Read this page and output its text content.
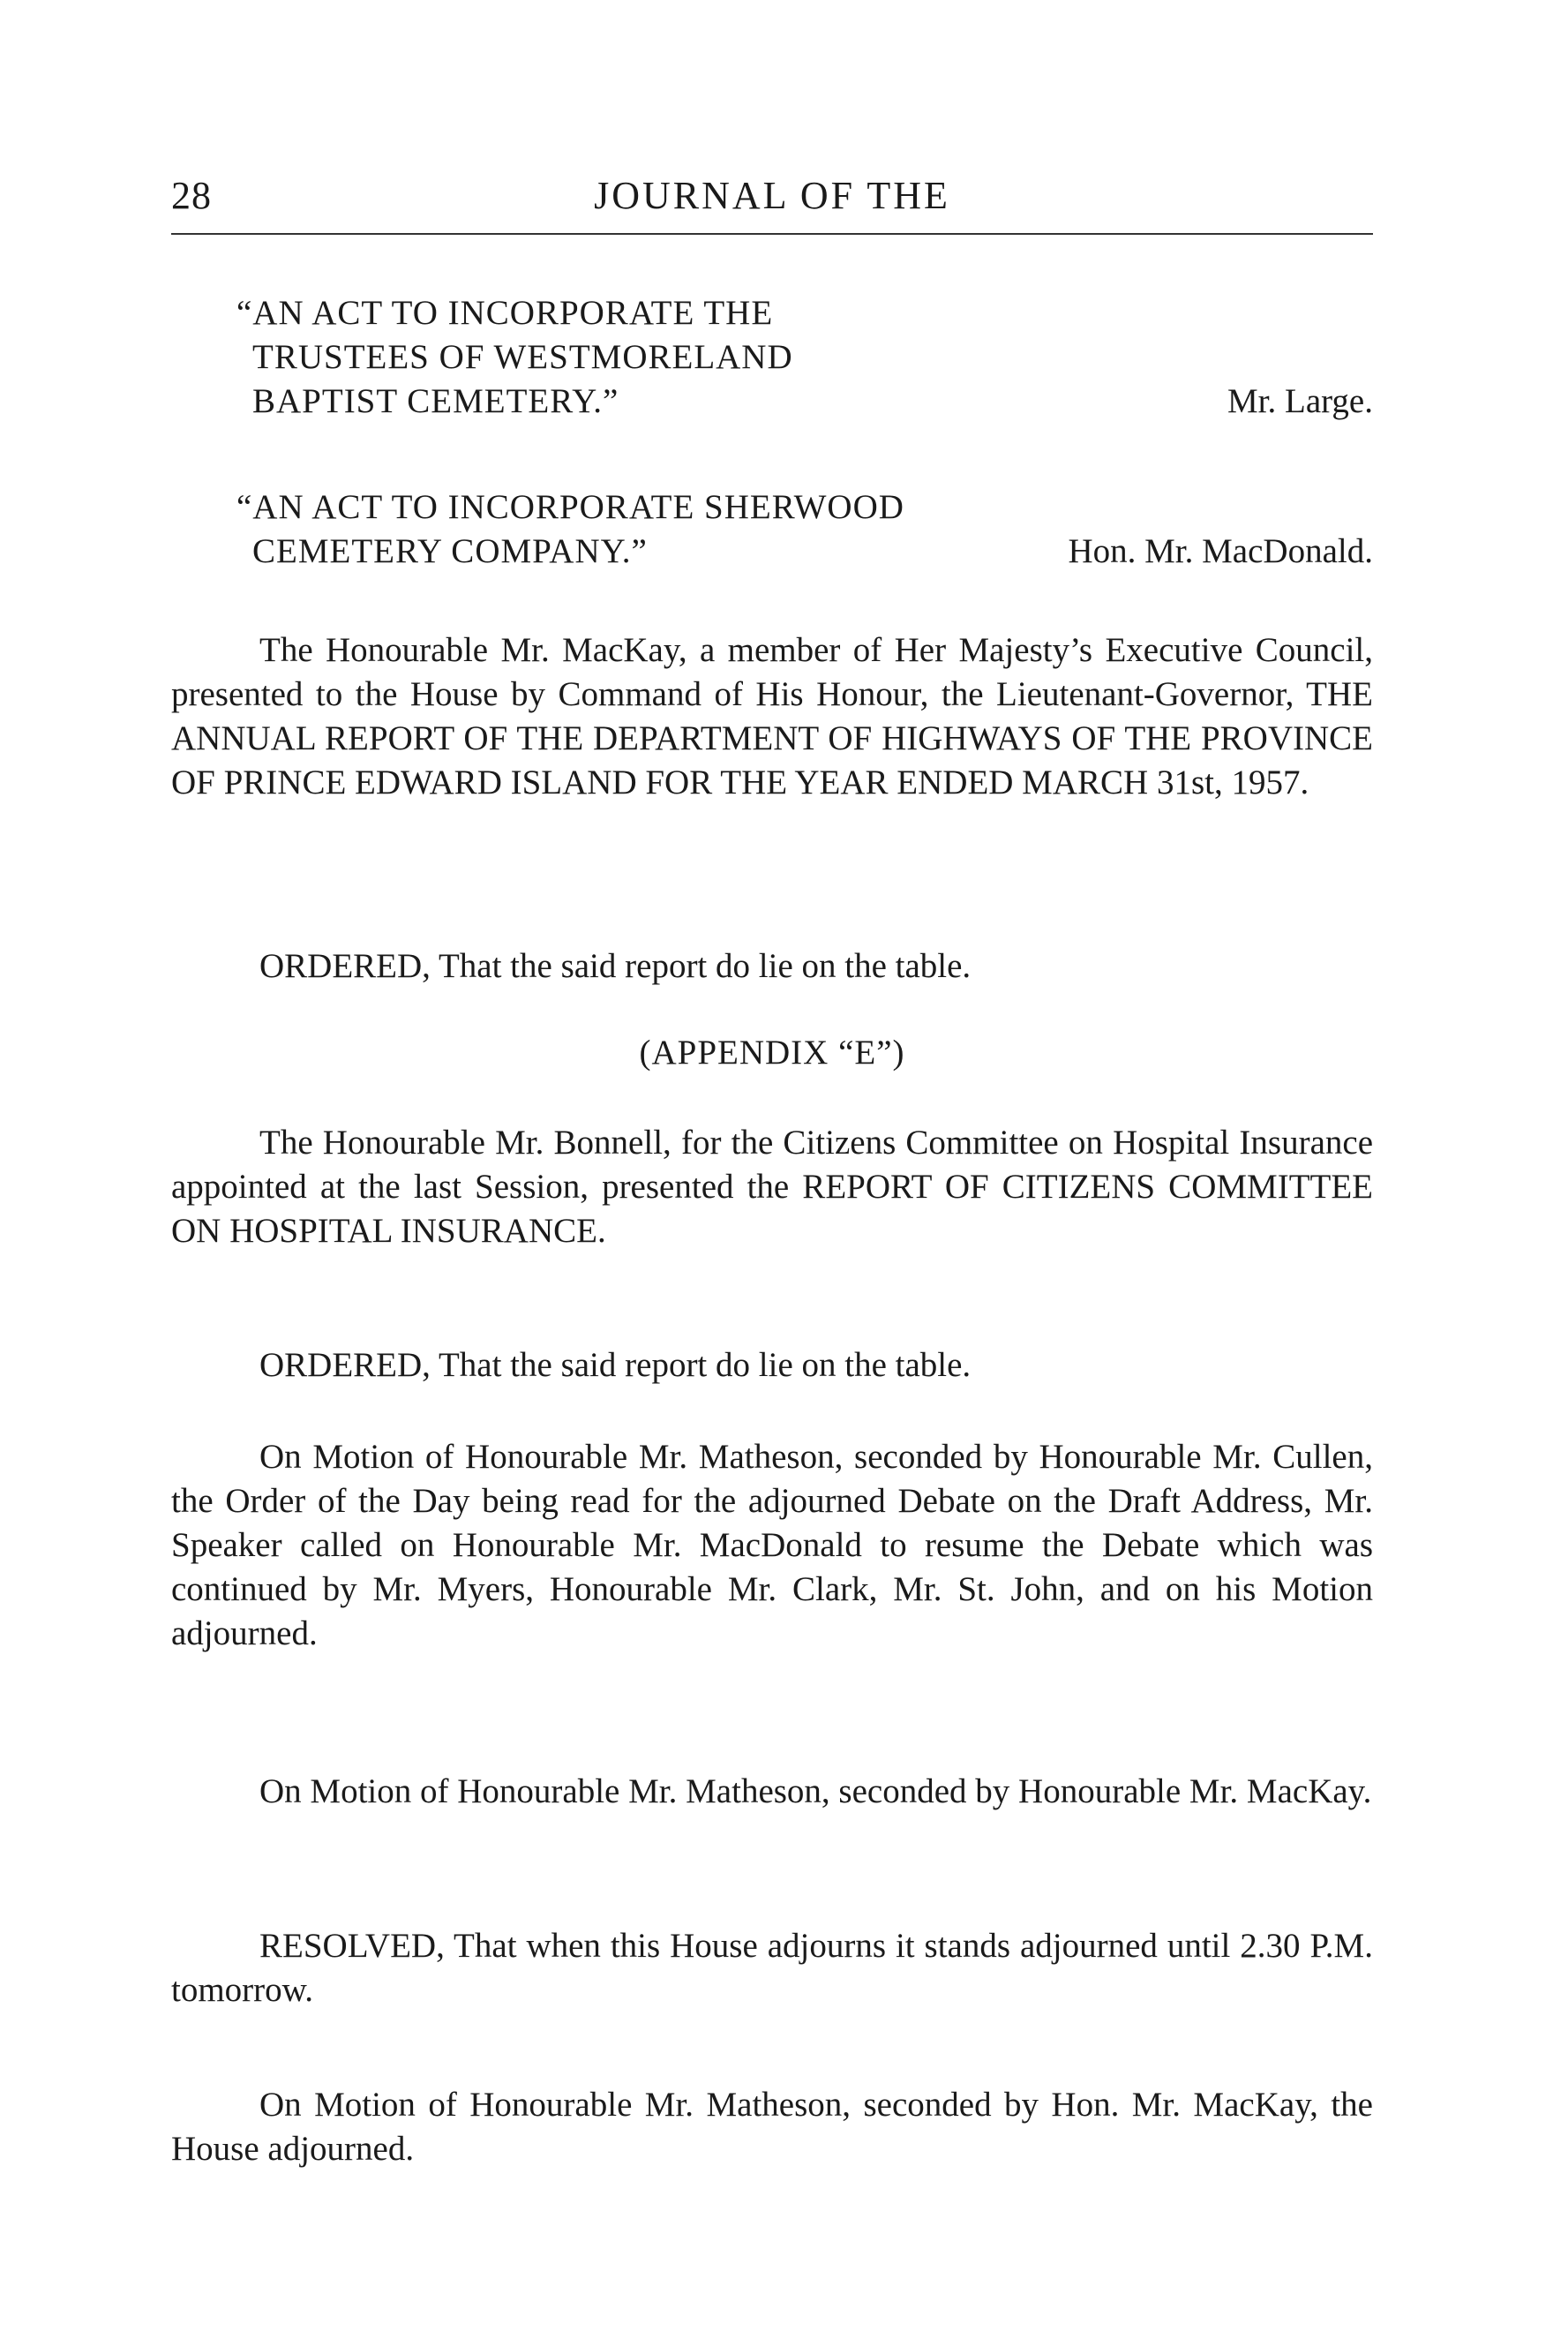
28	JOURNAL OF THE
“AN ACT TO INCORPORATE THE
TRUSTEES OF WESTMORELAND
BAPTIST CEMETERY.”	Mr. Large.
“AN ACT TO INCORPORATE SHERWOOD
CEMETERY COMPANY.”	Hon. Mr. MacDonald.

The Honourable Mr. MacKay, a member of Her Majesty’s Executive Council, presented to the House by Command of His Honour, the Lieutenant-Governor, THE ANNUAL REPORT OF THE DEPARTMENT OF HIGHWAYS OF THE PROVINCE OF PRINCE EDWARD ISLAND FOR THE YEAR ENDED MARCH 31st, 1957.

ORDERED, That the said report do lie on the table.

(APPENDIX “E”)

The Honourable Mr. Bonnell, for the Citizens Committee on Hospital Insurance appointed at the last Session, presented the REPORT OF CITIZENS COMMITTEE ON HOSPITAL INSURANCE.

ORDERED, That the said report do lie on the table.

On Motion of Honourable Mr. Matheson, seconded by Honourable Mr. Cullen, the Order of the Day being read for the adjourned Debate on the Draft Address, Mr. Speaker called on Honourable Mr. MacDonald to resume the Debate which was continued by Mr. Myers, Honourable Mr. Clark, Mr. St. John, and on his Motion adjourned.

On Motion of Honourable Mr. Matheson, seconded by Honourable Mr. MacKay.

RESOLVED, That when this House adjourns it stands adjourned until 2.30 P.M. tomorrow.

On Motion of Honourable Mr. Matheson, seconded by Hon. Mr. MacKay, the House adjourned.
